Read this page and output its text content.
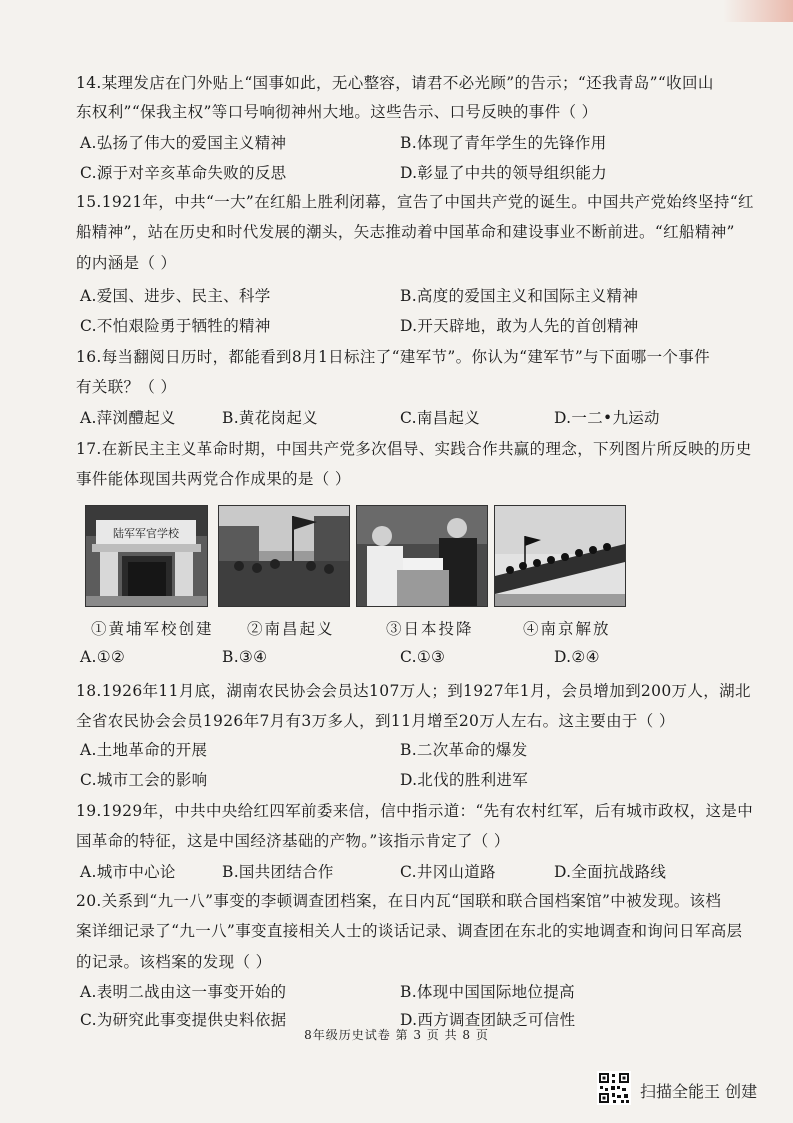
14.某理发店在门外贴上“国事如此，无心整容，请君不必光顾”的告示；“还我青岛”“收回山
东权利”“保我主权”等口号响彻神州大地。这些告示、口号反映的事件（ ）
A.弘扬了伟大的爱国主义精神	B.体现了青年学生的先锋作用
C.源于对辛亥革命失败的反思	D.彰显了中共的领导组织能力
15.1921年，中共“一大”在红船上胜利闭幕，宣告了中国共产党的诞生。中国共产党始终坚持“红
船精神”，站在历史和时代发展的潮头，矢志推动着中国革命和建设事业不断前进。“红船精神”
的内涵是（ ）
A.爱国、进步、民主、科学	B.高度的爱国主义和国际主义精神
C.不怕艰险勇于牺牲的精神	D.开天辟地，敢为人先的首创精神
16.每当翻阅日历时，都能看到8月1日标注了“建军节”。你认为“建军节”与下面哪一个事件
有关联？（ ）
A.萍浏醴起义	B.黄花岗起义	C.南昌起义	D.一二•九运动
17.在新民主主义革命时期，中国共产党多次倡导、实践合作共赢的理念，下列图片所反映的历史
事件能体现国共两党合作成果的是（ ）
陆军军官学校
①黄埔军校创建 ②南昌起义	③日本投降	④南京解放
A.①②	B.③④	C.①③	D.②④
18.1926年11月底，湖南农民协会会员达107万人；到1927年1月，会员增加到200万人，湖北
全省农民协会会员1926年7月有3万多人，到11月增至20万人左右。这主要由于（ ）
A.土地革命的开展	B.二次革命的爆发
C.城市工会的影响	D.北伐的胜利进军
19.1929年，中共中央给红四军前委来信，信中指示道：“先有农村红军，后有城市政权，这是中
国革命的特征，这是中国经济基础的产物。”该指示肯定了（ ）
A.城市中心论	B.国共团结合作	C.井冈山道路	D.全面抗战路线
20.关系到“九一八”事变的李顿调查团档案，在日内瓦“国联和联合国档案馆”中被发现。该档
案详细记录了“九一八”事变直接相关人士的谈话记录、调查团在东北的实地调查和询问日军高层
的记录。该档案的发现（ ）
A.表明二战由这一事变开始的	B.体现中国国际地位提高
C.为研究此事变提供史料依据	D.西方调查团缺乏可信性
8年级历史试卷 第 3 页 共 8 页
扫描全能王 创建
